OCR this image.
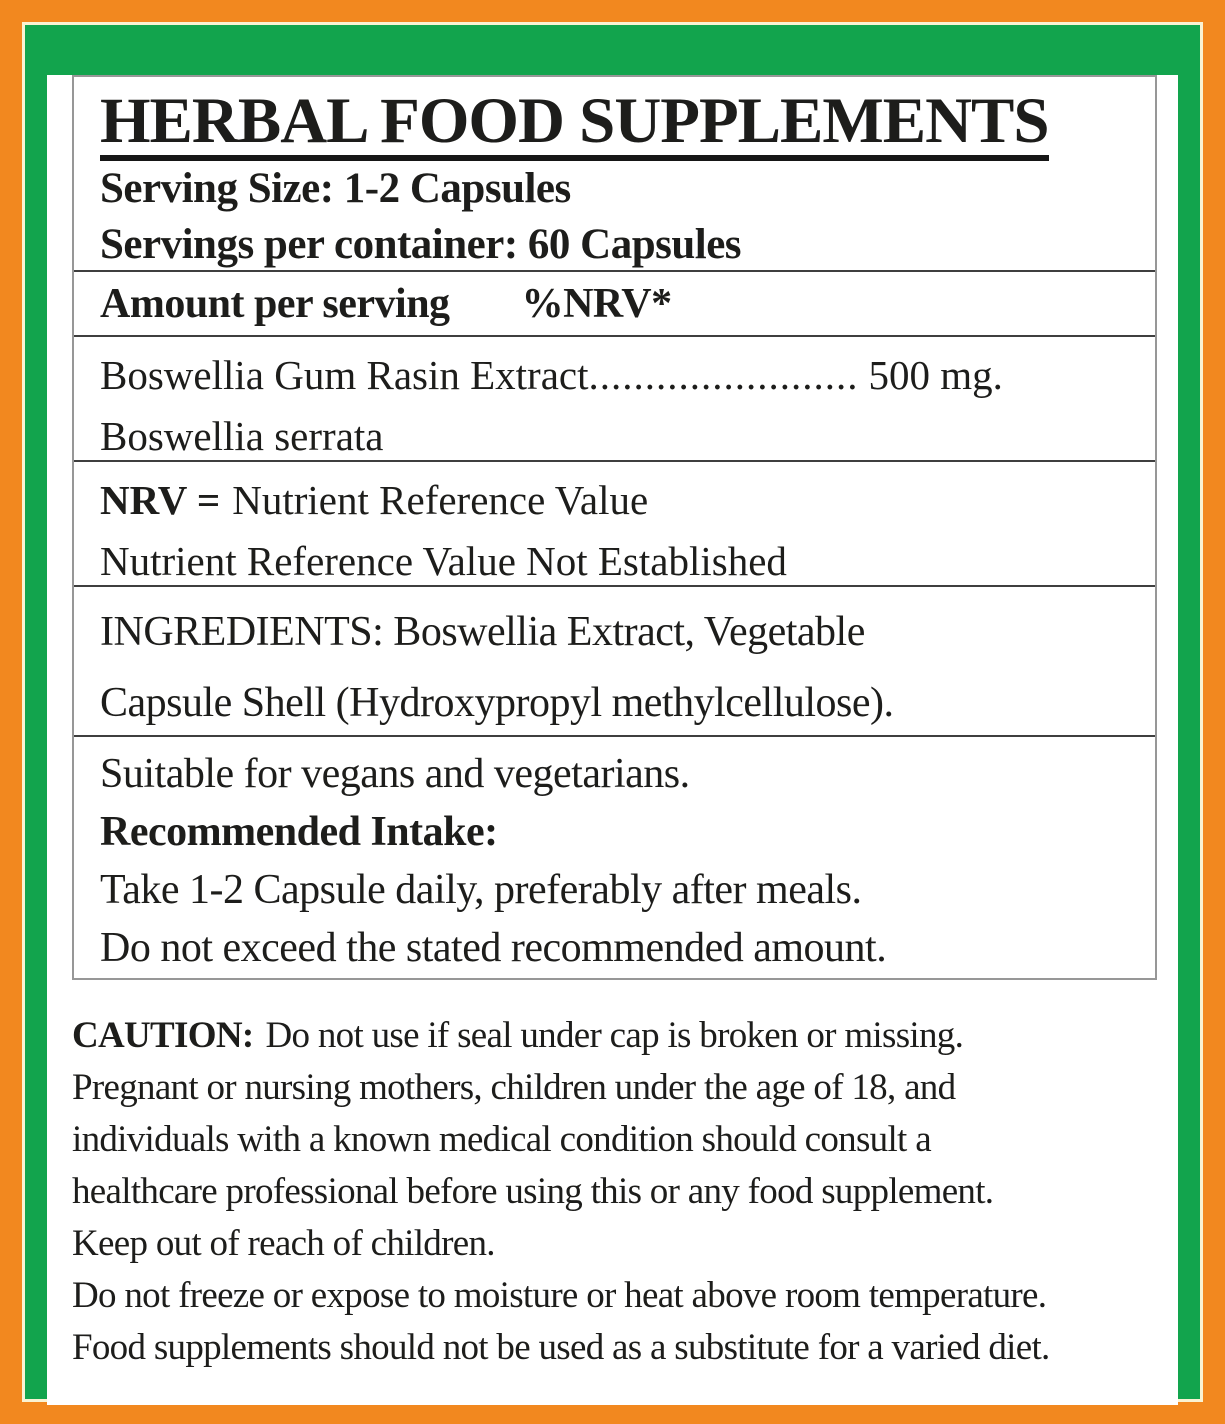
HERBAL FOOD SUPPLEMENTS
Serving Size: 1-2 Capsules
Servings per container: 60 Capsules
Amount per serving %NRV*
Boswellia Gum Rasin Extract........................ 500 mg.
Boswellia serrata
NRV = Nutrient Reference Value
Nutrient Reference Value Not Established
INGREDIENTS: Boswellia Extract, Vegetable
Capsule Shell (Hydroxypropyl methylcellulose).
Suitable for vegans and vegetarians.
Recommended Intake:
Take 1-2 Capsule daily, preferably after meals.
Do not exceed the stated recommended amount.
CAUTION: Do not use if seal under cap is broken or missing.
Pregnant or nursing mothers, children under the age of 18, and
individuals with a known medical condition should consult a
healthcare professional before using this or any food supplement.
Keep out of reach of children.
Do not freeze or expose to moisture or heat above room temperature.
Food supplements should not be used as a substitute for a varied diet.
